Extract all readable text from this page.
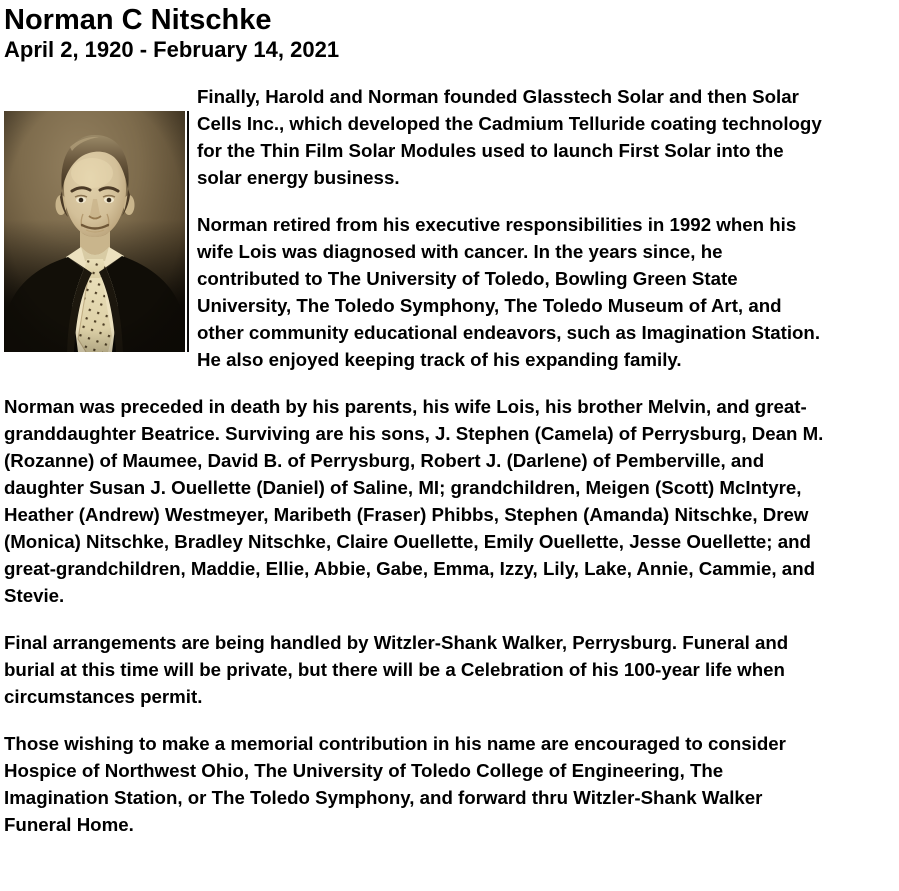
Norman C Nitschke
April 2, 1920 - February 14, 2021

Finally, Harold and Norman founded Glasstech Solar and then Solar Cells Inc., which developed the Cadmium Telluride coating technology for the Thin Film Solar Modules used to launch First Solar into the solar energy business.

Norman retired from his executive responsibilities in 1992 when his wife Lois was diagnosed with cancer. In the years since, he contributed to The University of Toledo, Bowling Green State University, The Toledo Symphony, The Toledo Museum of Art, and other community educational endeavors, such as Imagination Station. He also enjoyed keeping track of his expanding family.

Norman was preceded in death by his parents, his wife Lois, his brother Melvin, and great-granddaughter Beatrice. Surviving are his sons, J. Stephen (Camela) of Perrysburg, Dean M. (Rozanne) of Maumee, David B. of Perrysburg, Robert J. (Darlene) of Pemberville, and daughter Susan J. Ouellette (Daniel) of Saline, MI; grandchildren, Meigen (Scott) McIntyre, Heather (Andrew) Westmeyer, Maribeth (Fraser) Phibbs, Stephen (Amanda) Nitschke, Drew (Monica) Nitschke, Bradley Nitschke, Claire Ouellette, Emily Ouellette, Jesse Ouellette; and great-grandchildren, Maddie, Ellie, Abbie, Gabe, Emma, Izzy, Lily, Lake, Annie, Cammie, and Stevie.

Final arrangements are being handled by Witzler-Shank Walker, Perrysburg. Funeral and burial at this time will be private, but there will be a Celebration of his 100-year life when circumstances permit.

Those wishing to make a memorial contribution in his name are encouraged to consider Hospice of Northwest Ohio, The University of Toledo College of Engineering, The Imagination Station, or The Toledo Symphony, and forward thru Witzler-Shank Walker Funeral Home.
